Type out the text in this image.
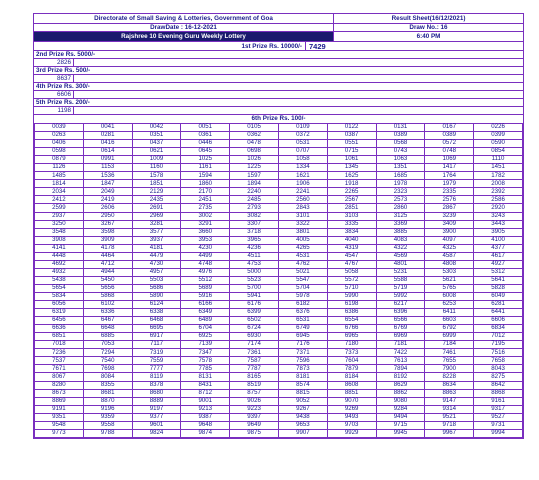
Directorate of Small Saving & Lotteries, Government of Goa	Result Sheet(16/12/2021)
DrawDate : 16-12-2021	Draw No.: 16
Rajshree 10 Evening Guru Weekly Lottery	6:40 PM
1st Prize Rs. 10000/- 7429
2nd Prize Rs. 5000/-
2826
3rd Prize Rs. 500/-
8637
4th Prize Rs. 300/-
6606
5th Prize Rs. 200/-
1198
6th Prize Rs. 100/-
0039	0041	0042	0051	0105	0109	0122	0131	0167	0226
0263	0281	0351	0361	0362	0372	0387	0389	0389	0399
0406	0416	0437	0446	0478	0531	0551	0568	0572	0590
0598	0614	0621	0645	0698	0707	0715	0743	0748	0854
0879	0991	1009	1025	1026	1058	1061	1063	1069	1110
1126	1153	1160	1161	1225	1334	1345	1351	1417	1451
1485	1536	1578	1594	1597	1621	1625	1685	1764	1782
1814	1847	1851	1860	1894	1906	1918	1978	1979	2008
2034	2049	2129	2170	2240	2241	2265	2323	2335	2392
2412	2419	2435	2451	2485	2560	2567	2573	2576	2586
2599	2606	2691	2735	2793	2843	2851	2860	2867	2920
2937	2950	2969	3002	3082	3101	3103	3125	3239	3243
3250	3267	3281	3291	3307	3322	3335	3369	3409	3443
3548	3598	3577	3660	3718	3801	3834	3885	3900	3905
3908	3909	3937	3953	3965	4005	4040	4083	4097	4100
4141	4178	4181	4230	4236	4265	4319	4322	4325	4377
4448	4464	4479	4499	4511	4531	4547	4569	4587	4617
4692	4712	4730	4748	4753	4762	4767	4801	4808	4927
4932	4944	4957	4976	5000	5021	5058	5231	5303	5312
5438	5450	5503	5512	5523	5547	5572	5588	5621	5641
5654	5656	5686	5689	5700	5704	5710	5719	5765	5828
5834	5868	5890	5916	5941	5978	5990	5992	6008	6049
6056	6102	6124	6166	6176	6182	6198	6217	6253	6281
6319	6336	6338	6349	6399	6376	6386	6396	6411	6441
6456	6467	6468	6489	6502	6531	6554	6566	6603	6606
6636	6648	6695	6704	6724	6749	6766	6769	6792	6834
6851	6885	6917	6925	6930	6945	6965	6969	6999	7012
7018	7053	7117	7139	7174	7176	7180	7181	7184	7195
7236	7294	7319	7347	7361	7371	7373	7422	7461	7516
7537	7540	7559	7578	7587	7596	7604	7613	7655	7658
7671	7698	7777	7785	7787	7873	7879	7894	7900	8043
8067	8084	8119	8131	8165	8181	8184	8192	8228	8275
8280	8355	8378	8431	8519	8574	8608	8629	8634	8642
8673	8681	8680	8712	8757	8815	8851	8862	8863	8868
8869	8870	8889	9001	9026	9052	9070	9080	9147	9161
9191	9196	9197	9213	9223	9267	9269	9284	9314	9317
9351	9359	9377	9387	9397	9438	9493	9494	9521	9527
9548	9558	9601	9648	9649	9653	9703	9715	9718	9731
9773	9788	9824	9874	9875	9907	9929	9945	9967	9994
